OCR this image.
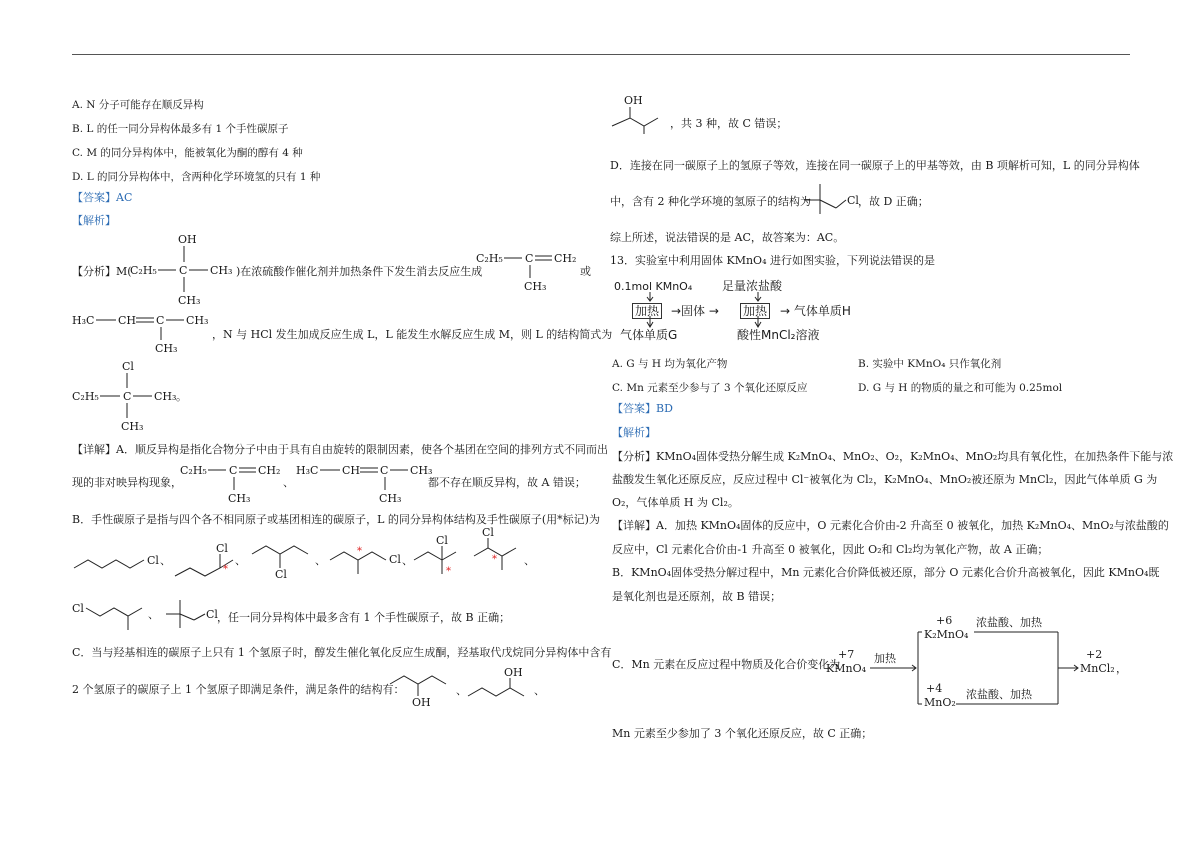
A. N 分子可能存在顺反异构
B. L 的任一同分异构体最多有 1 个手性碳原子
C. M 的同分异构体中，能被氧化为酮的醇有 4 种
D. L 的同分异构体中，含两种化学环境氢的只有 1 种
【答案】AC
【解析】
【分析】M(
OH
C₂H₅ C CH₃
CH₃
)在浓硫酸作催化剂并加热条件下发生消去反应生成
C₂H₅ C CH₂
CH₃
或
H₃C CH C CH₃
CH₃
，N 与 HCl 发生加成反应生成 L，L 能发生水解反应生成 M，则 L 的结构简式为
Cl
C₂H₅ C CH₃
CH₃
。
【详解】A．顺反异构是指化合物分子中由于具有自由旋转的限制因素，使各个基团在空间的排列方式不同而出
现的非对映异构现象，
C₂H₅ C CH₂
CH₃
、
H₃C CH C CH₃
CH₃
都不存在顺反异构，故 A 错误；
B．手性碳原子是指与四个各不相同原子或基团相连的碳原子，L 的同分异构体结构及手性碳原子(用*标记)为
Cl 、
Cl
*
、
Cl
、
*
Cl 、
Cl
*
Cl
* 、
Cl	、	Cl ，任一同分异构体中最多含有 1 个手性碳原子，故 B 正确；
C．当与羟基相连的碳原子上只有 1 个氢原子时，醇发生催化氧化反应生成酮，羟基取代戊烷同分异构体中含有
2 个氢原子的碳原子上 1 个氢原子即满足条件，满足条件的结构有：
OH
、
OH
、
OH
，共 3 种，故 C 错误；
D．连接在同一碳原子上的氢原子等效，连接在同一碳原子上的甲基等效，由 B 项解析可知，L 的同分异构体
中，含有 2 种化学环境的氢原子的结构为	Cl ，故 D 正确；
综上所述，说法错误的是 AC，故答案为：AC。
13．实验室中利用固体 KMnO₄ 进行如图实验，下列说法错误的是
0.1mol KMnO₄ 足量浓盐酸
加热 →固体 → 加热 → 气体单质H
气体单质G	酸性MnCl₂溶液
A. G 与 H 均为氧化产物	B. 实验中 KMnO₄ 只作氧化剂
C. Mn 元素至少参与了 3 个氧化还原反应	D. G 与 H 的物质的量之和可能为 0.25mol
【答案】BD
【解析】
【分析】KMnO₄固体受热分解生成 K₂MnO₄、MnO₂、O₂，K₂MnO₄、MnO₂均具有氧化性，在加热条件下能与浓
盐酸发生氧化还原反应，反应过程中 Cl⁻被氧化为 Cl₂，K₂MnO₄、MnO₂被还原为 MnCl₂，因此气体单质 G 为
O₂，气体单质 H 为 Cl₂。
【详解】A．加热 KMnO₄固体的反应中，O 元素化合价由-2 升高至 0 被氧化，加热 K₂MnO₄、MnO₂与浓盐酸的
反应中，Cl 元素化合价由-1 升高至 0 被氧化，因此 O₂和 Cl₂均为氧化产物，故 A 正确；
B．KMnO₄固体受热分解过程中，Mn 元素化合价降低被还原，部分 O 元素化合价升高被氧化，因此 KMnO₄既
是氧化剂也是还原剂，故 B 错误；
C．Mn 元素在反应过程中物质及化合价变化为
+7
KMnO₄
加热
+6
K₂MnO₄
浓盐酸、加热
+4
MnO₂
浓盐酸、加热
+2
MnCl₂ ，
Mn 元素至少参加了 3 个氧化还原反应，故 C 正确；
